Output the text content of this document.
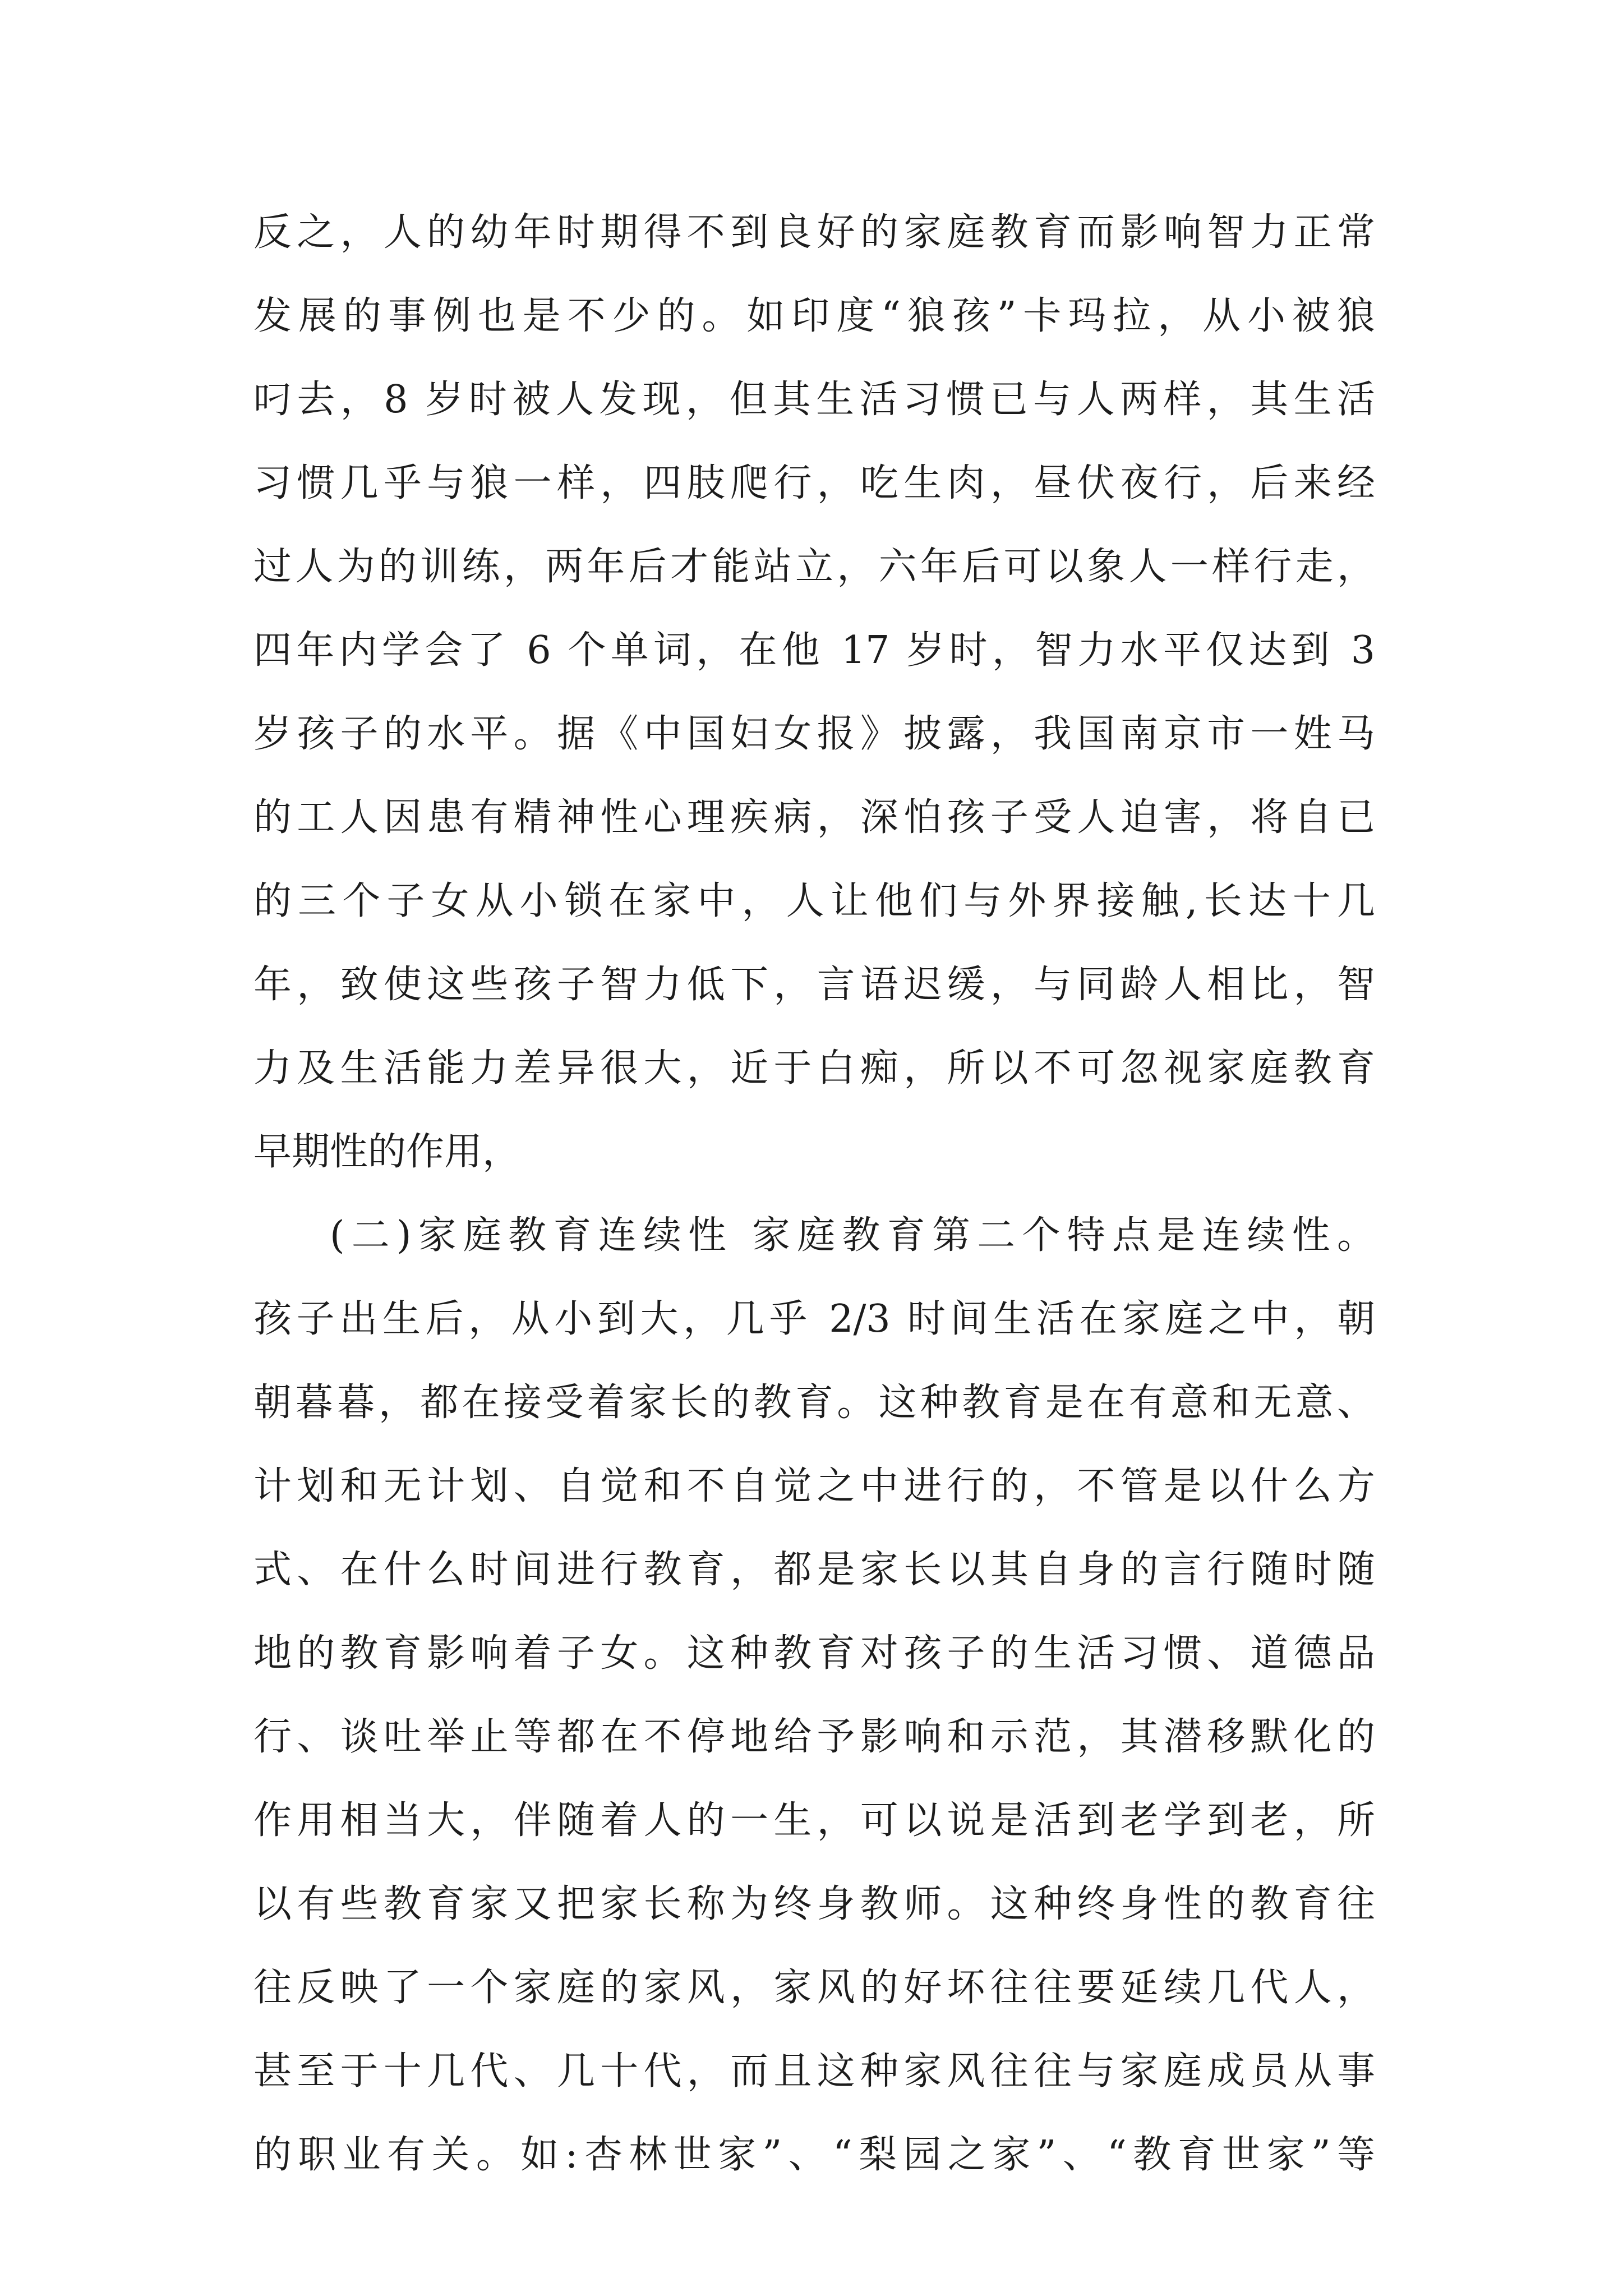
反之，人的幼年时期得不到良好的家庭教育而影响智力正常
发展的事例也是不少的。如印度“狼孩”卡玛拉，从小被狼
叼去，8 岁时被人发现，但其生活习惯已与人两样，其生活
习惯几乎与狼一样，四肢爬行，吃生肉，昼伏夜行，后来经
过人为的训练，两年后才能站立，六年后可以象人一样行走，
四年内学会了 6 个单词，在他 17 岁时，智力水平仅达到 3
岁孩子的水平。据《中国妇女报》披露，我国南京市一姓马
的工人因患有精神性心理疾病，深怕孩子受人迫害，将自已
的三个子女从小锁在家中，人让他们与外界接触,长达十几
年，致使这些孩子智力低下，言语迟缓，与同龄人相比，智
力及生活能力差异很大，近于白痴，所以不可忽视家庭教育
早期性的作用，
(二)家庭教育连续性 家庭教育第二个特点是连续性。
孩子出生后，从小到大，几乎 2/3 时间生活在家庭之中，朝
朝暮暮，都在接受着家长的教育。这种教育是在有意和无意、
计划和无计划、自觉和不自觉之中进行的，不管是以什么方
式、在什么时间进行教育，都是家长以其自身的言行随时随
地的教育影响着子女。这种教育对孩子的生活习惯、道德品
行、谈吐举止等都在不停地给予影响和示范，其潜移默化的
作用相当大，伴随着人的一生，可以说是活到老学到老，所
以有些教育家又把家长称为终身教师。这种终身性的教育往
往反映了一个家庭的家风，家风的好坏往往要延续几代人，
甚至于十几代、几十代，而且这种家风往往与家庭成员从事
的职业有关。如:杏林世家”、“梨园之家”、“教育世家”等
